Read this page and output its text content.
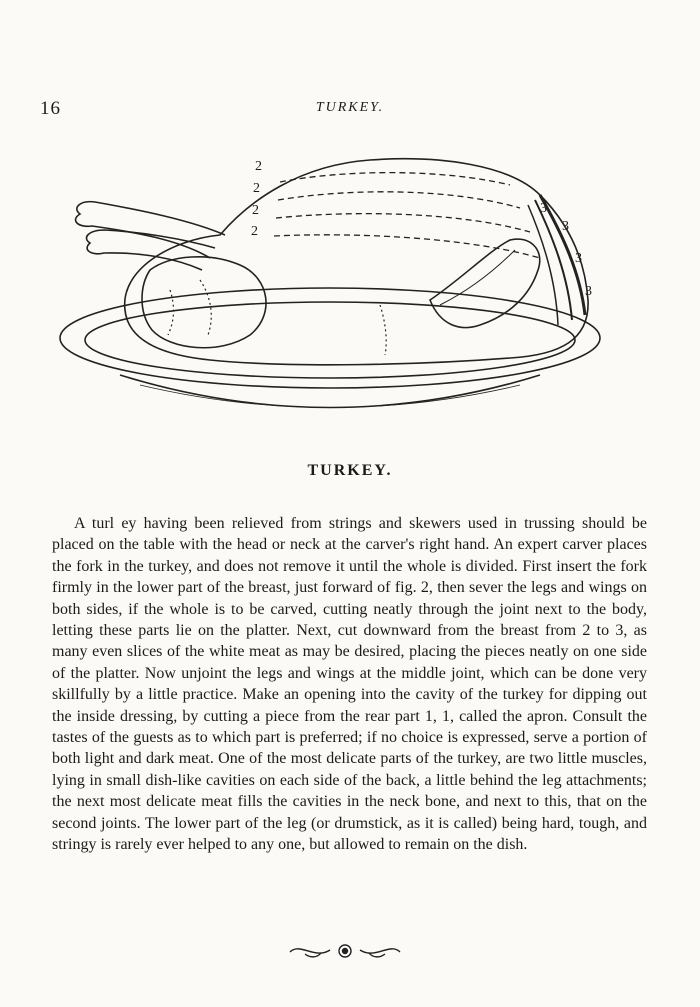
16	TURKEY.
2
2
2
2
3
3
3
3
TURKEY.

A turl ey having been relieved from strings and skewers used in trussing should be placed on the table with the head or neck at the carver's right hand. An expert carver places the fork in the turkey, and does not remove it until the whole is divided. First insert the fork firmly in the lower part of the breast, just forward of fig. 2, then sever the legs and wings on both sides, if the whole is to be carved, cutting neatly through the joint next to the body, letting these parts lie on the platter. Next, cut downward from the breast from 2 to 3, as many even slices of the white meat as may be desired, placing the pieces neatly on one side of the platter. Now unjoint the legs and wings at the middle joint, which can be done very skillfully by a little practice. Make an opening into the cavity of the turkey for dipping out the inside dressing, by cutting a piece from the rear part 1, 1, called the apron. Consult the tastes of the guests as to which part is preferred; if no choice is expressed, serve a portion of both light and dark meat. One of the most delicate parts of the turkey, are two little muscles, lying in small dish-like cavities on each side of the back, a little behind the leg attachments; the next most delicate meat fills the cavities in the neck bone, and next to this, that on the second joints. The lower part of the leg (or drumstick, as it is called) being hard, tough, and stringy is rarely ever helped to any one, but allowed to remain on the dish.
